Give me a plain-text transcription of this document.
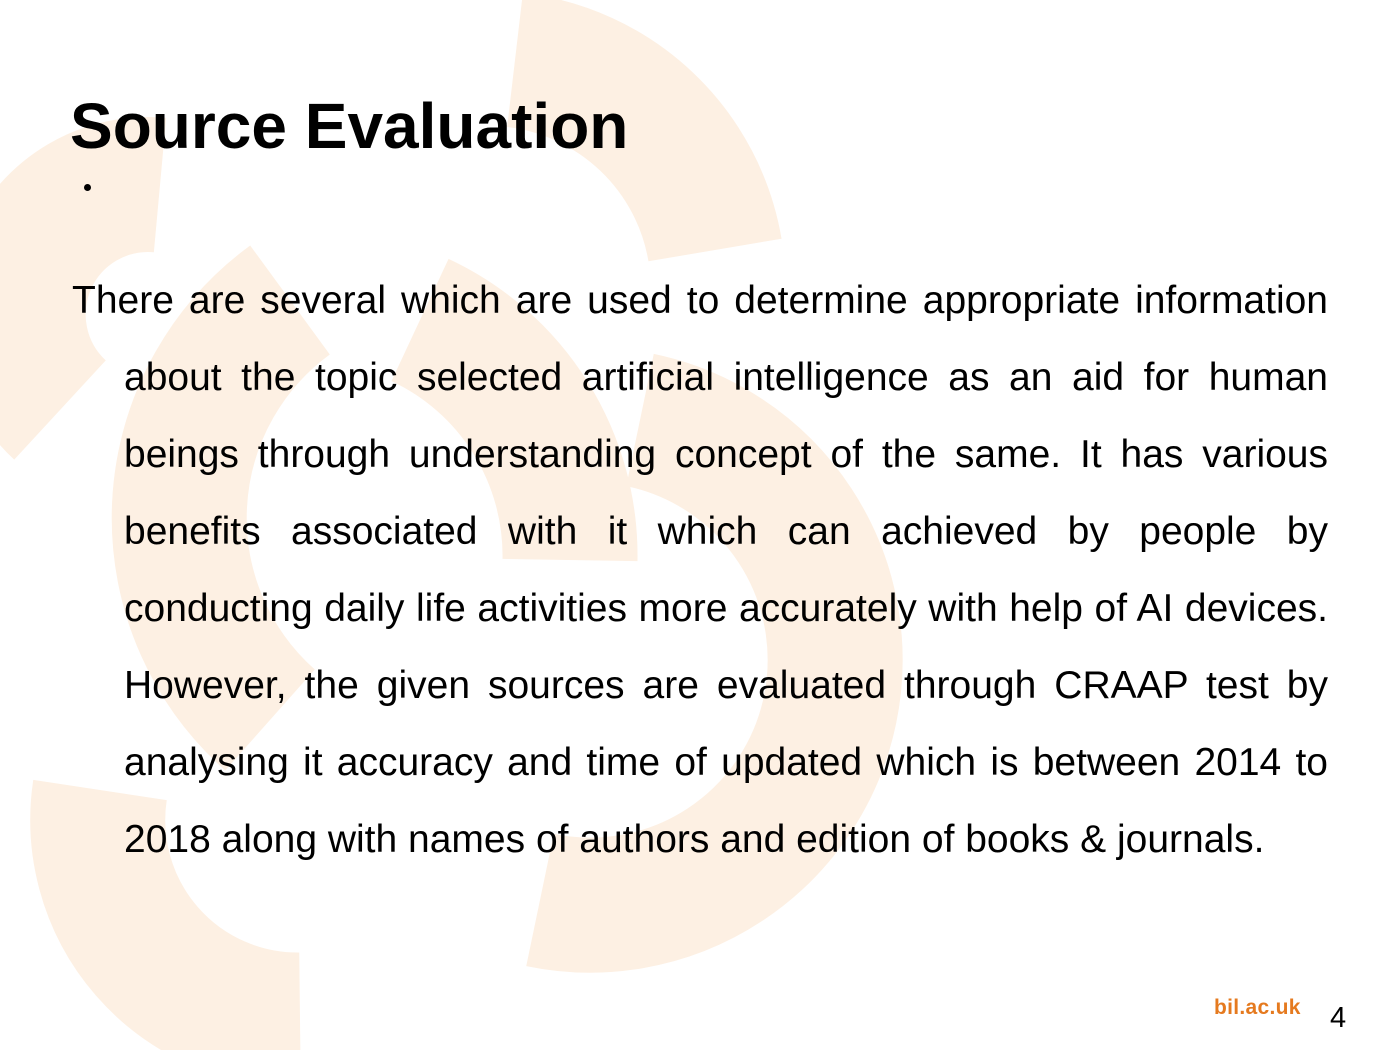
Source Evaluation

There are several which are used to determine appropriate information about the topic selected artificial intelligence as an aid for human beings through understanding concept of the same. It has various benefits associated with it which can achieved by people by conducting daily life activities more accurately with help of AI devices. However, the given sources are evaluated through CRAAP test by analysing it accuracy and time of updated which is between 2014 to 2018 along with names of authors and edition of books & journals.

bil.ac.uk 4
